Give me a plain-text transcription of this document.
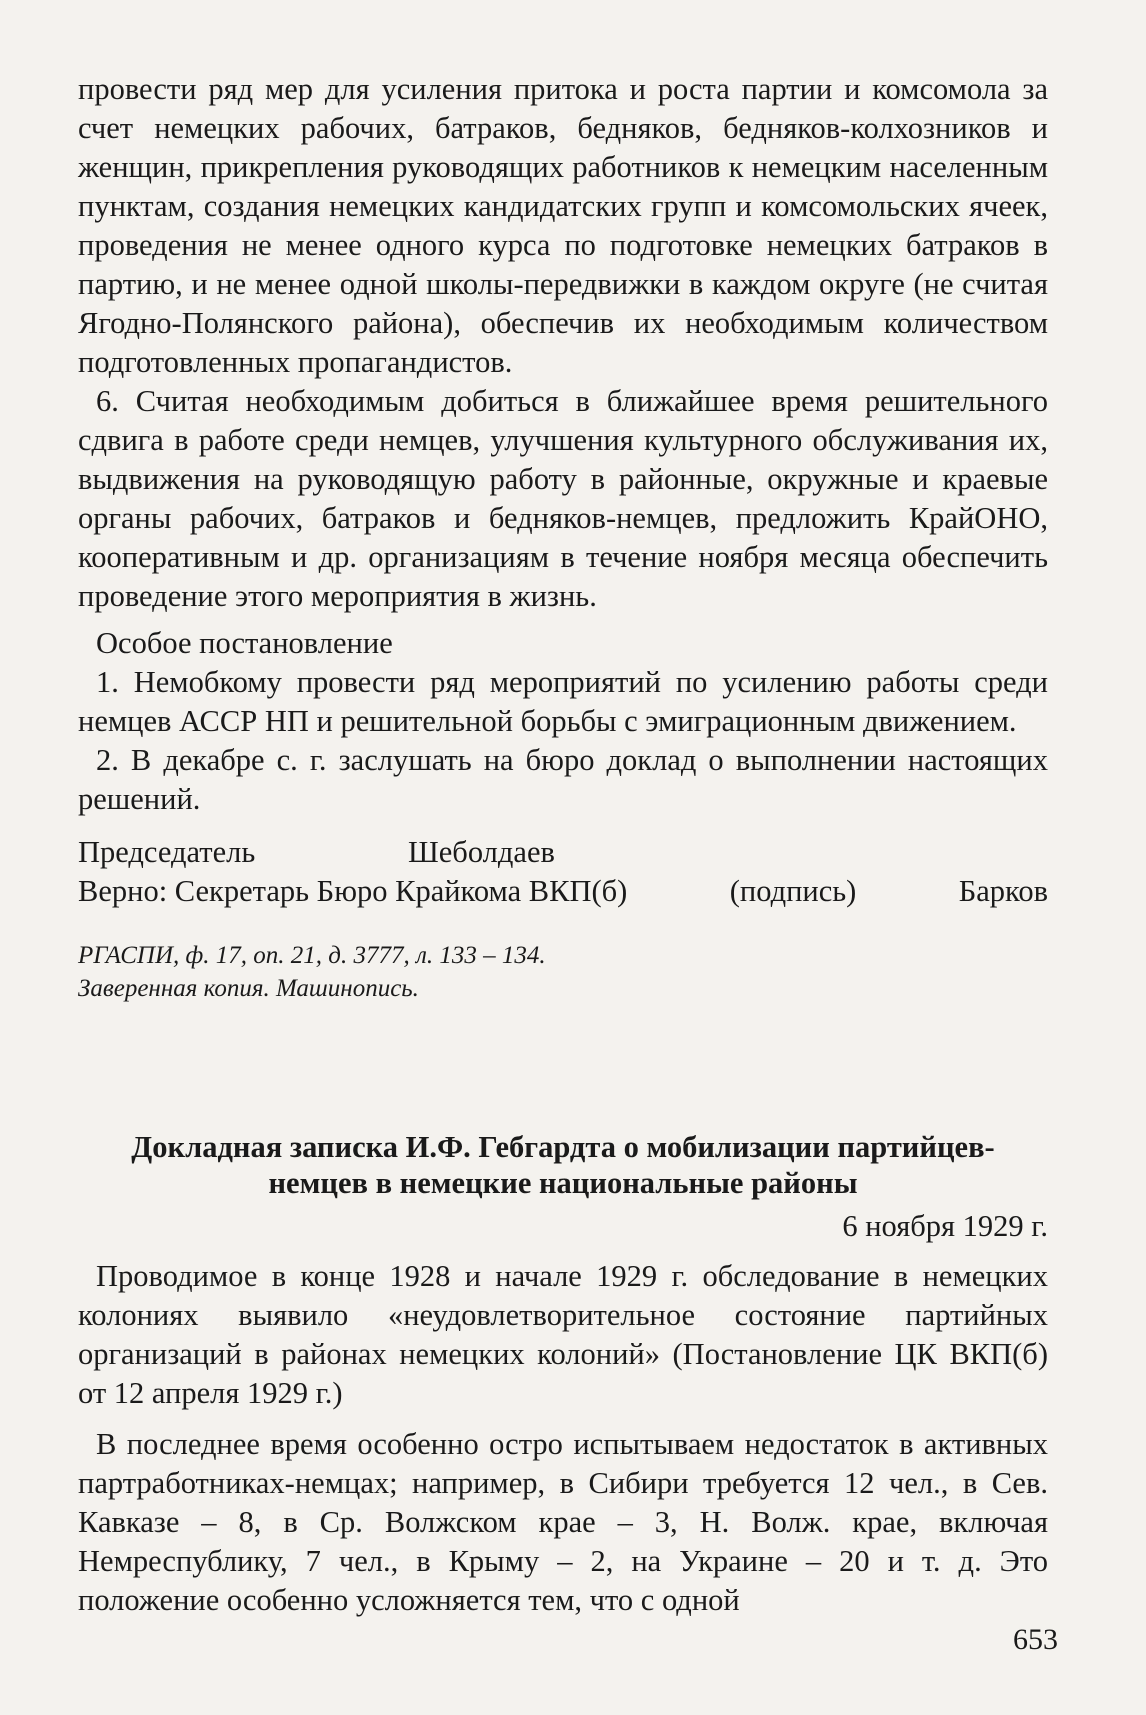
провести ряд мер для усиления притока и роста партии и комсомола за счет немецких рабочих, батраков, бедняков, бедняков-колхозников и женщин, прикрепления руководящих работников к немецким населенным пунктам, создания немецких кандидатских групп и комсомольских ячеек, проведения не менее одного курса по подготовке немецких батраков в партию, и не менее одной школы-передвижки в каждом округе (не считая Ягодно-Полянского района), обеспечив их необходимым количеством подготовленных пропагандистов.

6. Считая необходимым добиться в ближайшее время решительного сдвига в работе среди немцев, улучшения культурного обслуживания их, выдвижения на руководящую работу в районные, окружные и краевые органы рабочих, батраков и бедняков-немцев, предложить КрайОНО, кооперативным и др. организациям в течение ноября месяца обеспечить проведение этого мероприятия в жизнь.

Особое постановление

1. Немобкому провести ряд мероприятий по усилению работы среди немцев АССР НП и решительной борьбы с эмиграционным движением.

2. В декабре с. г. заслушать на бюро доклад о выполнении настоящих решений.

Председатель	Шеболдаев
Верно: Секретарь Бюро Крайкома ВКП(б)	(подпись)	Барков
РГАСПИ, ф. 17, оп. 21, д. 3777, л. 133 – 134.
Заверенная копия. Машинопись.
Докладная записка И.Ф. Гебгардта о мобилизации партийцев-
немцев в немецкие национальные районы
6 ноября 1929 г.

Проводимое в конце 1928 и начале 1929 г. обследование в немецких колониях выявило «неудовлетворительное состояние партийных организаций в районах немецких колоний» (Постановление ЦК ВКП(б) от 12 апреля 1929 г.)

В последнее время особенно остро испытываем недостаток в активных партработниках-немцах; например, в Сибири требуется 12 чел., в Сев. Кавказе – 8, в Ср. Волжском крае – 3, Н. Волж. крае, включая Немреспублику, 7 чел., в Крыму – 2, на Украине – 20 и т. д. Это положение особенно усложняется тем, что с одной

653
